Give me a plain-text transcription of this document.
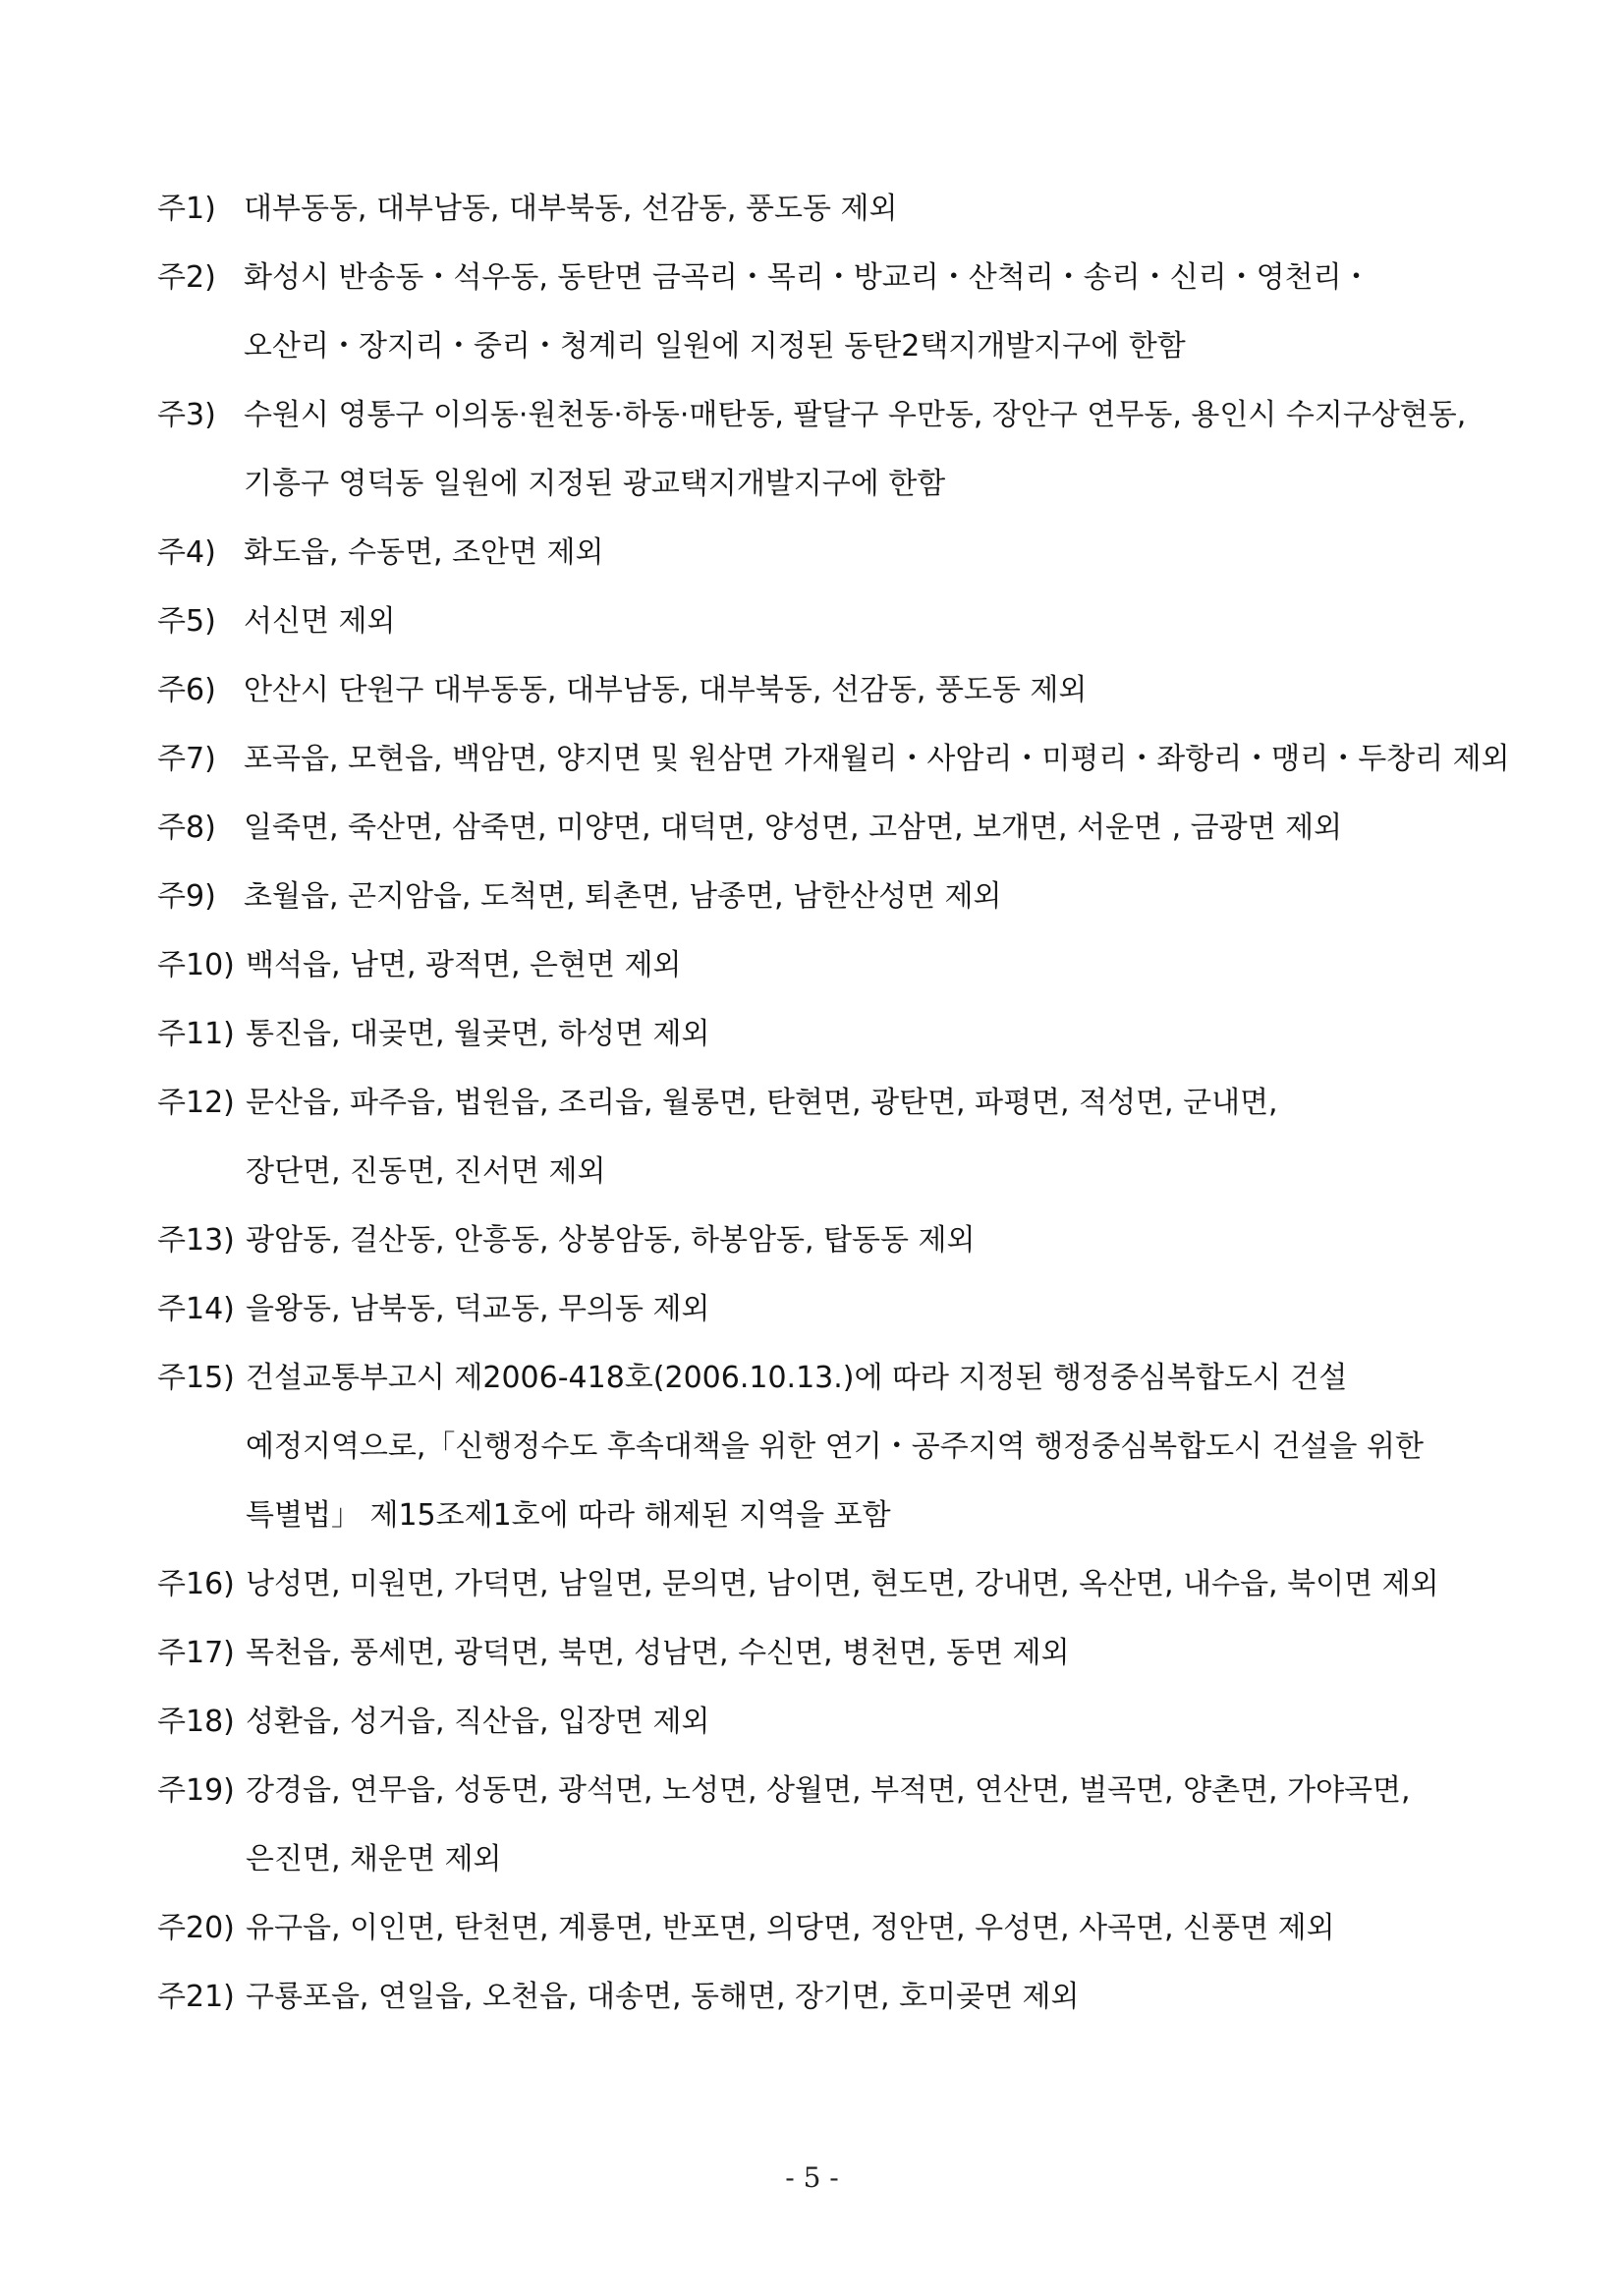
주1) 대부동동, 대부남동, 대부북동, 선감동, 풍도동 제외
주2) 화성시 반송동・석우동, 동탄면 금곡리・목리・방교리・산척리・송리・신리・영천리・
오산리・장지리・중리・청계리 일원에 지정된 동탄2택지개발지구에 한함
주3) 수원시 영통구 이의동·원천동·하동·매탄동, 팔달구 우만동, 장안구 연무동, 용인시 수지구상현동,
기흥구 영덕동 일원에 지정된 광교택지개발지구에 한함
주4) 화도읍, 수동면, 조안면 제외
주5) 서신면 제외
주6) 안산시 단원구 대부동동, 대부남동, 대부북동, 선감동, 풍도동 제외
주7) 포곡읍, 모현읍, 백암면, 양지면 및 원삼면 가재월리・사암리・미평리・좌항리・맹리・두창리 제외
주8) 일죽면, 죽산면, 삼죽면, 미양면, 대덕면, 양성면, 고삼면, 보개면, 서운면 , 금광면 제외
주9) 초월읍, 곤지암읍, 도척면, 퇴촌면, 남종면, 남한산성면 제외
주10) 백석읍, 남면, 광적면, 은현면 제외
주11) 통진읍, 대곶면, 월곶면, 하성면 제외
주12) 문산읍, 파주읍, 법원읍, 조리읍, 월롱면, 탄현면, 광탄면, 파평면, 적성면, 군내면,
장단면, 진동면, 진서면 제외
주13) 광암동, 걸산동, 안흥동, 상봉암동, 하봉암동, 탑동동 제외
주14) 을왕동, 남북동, 덕교동, 무의동 제외
주15) 건설교통부고시 제2006-418호(2006.10.13.)에 따라 지정된 행정중심복합도시 건설
예정지역으로,「신행정수도 후속대책을 위한 연기・공주지역 행정중심복합도시 건설을 위한
특별법」 제15조제1호에 따라 해제된 지역을 포함
주16) 낭성면, 미원면, 가덕면, 남일면, 문의면, 남이면, 현도면, 강내면, 옥산면, 내수읍, 북이면 제외
주17) 목천읍, 풍세면, 광덕면, 북면, 성남면, 수신면, 병천면, 동면 제외
주18) 성환읍, 성거읍, 직산읍, 입장면 제외
주19) 강경읍, 연무읍, 성동면, 광석면, 노성면, 상월면, 부적면, 연산면, 벌곡면, 양촌면, 가야곡면,
은진면, 채운면 제외
주20) 유구읍, 이인면, 탄천면, 계룡면, 반포면, 의당면, 정안면, 우성면, 사곡면, 신풍면 제외
주21) 구룡포읍, 연일읍, 오천읍, 대송면, 동해면, 장기면, 호미곶면 제외
- 5 -
